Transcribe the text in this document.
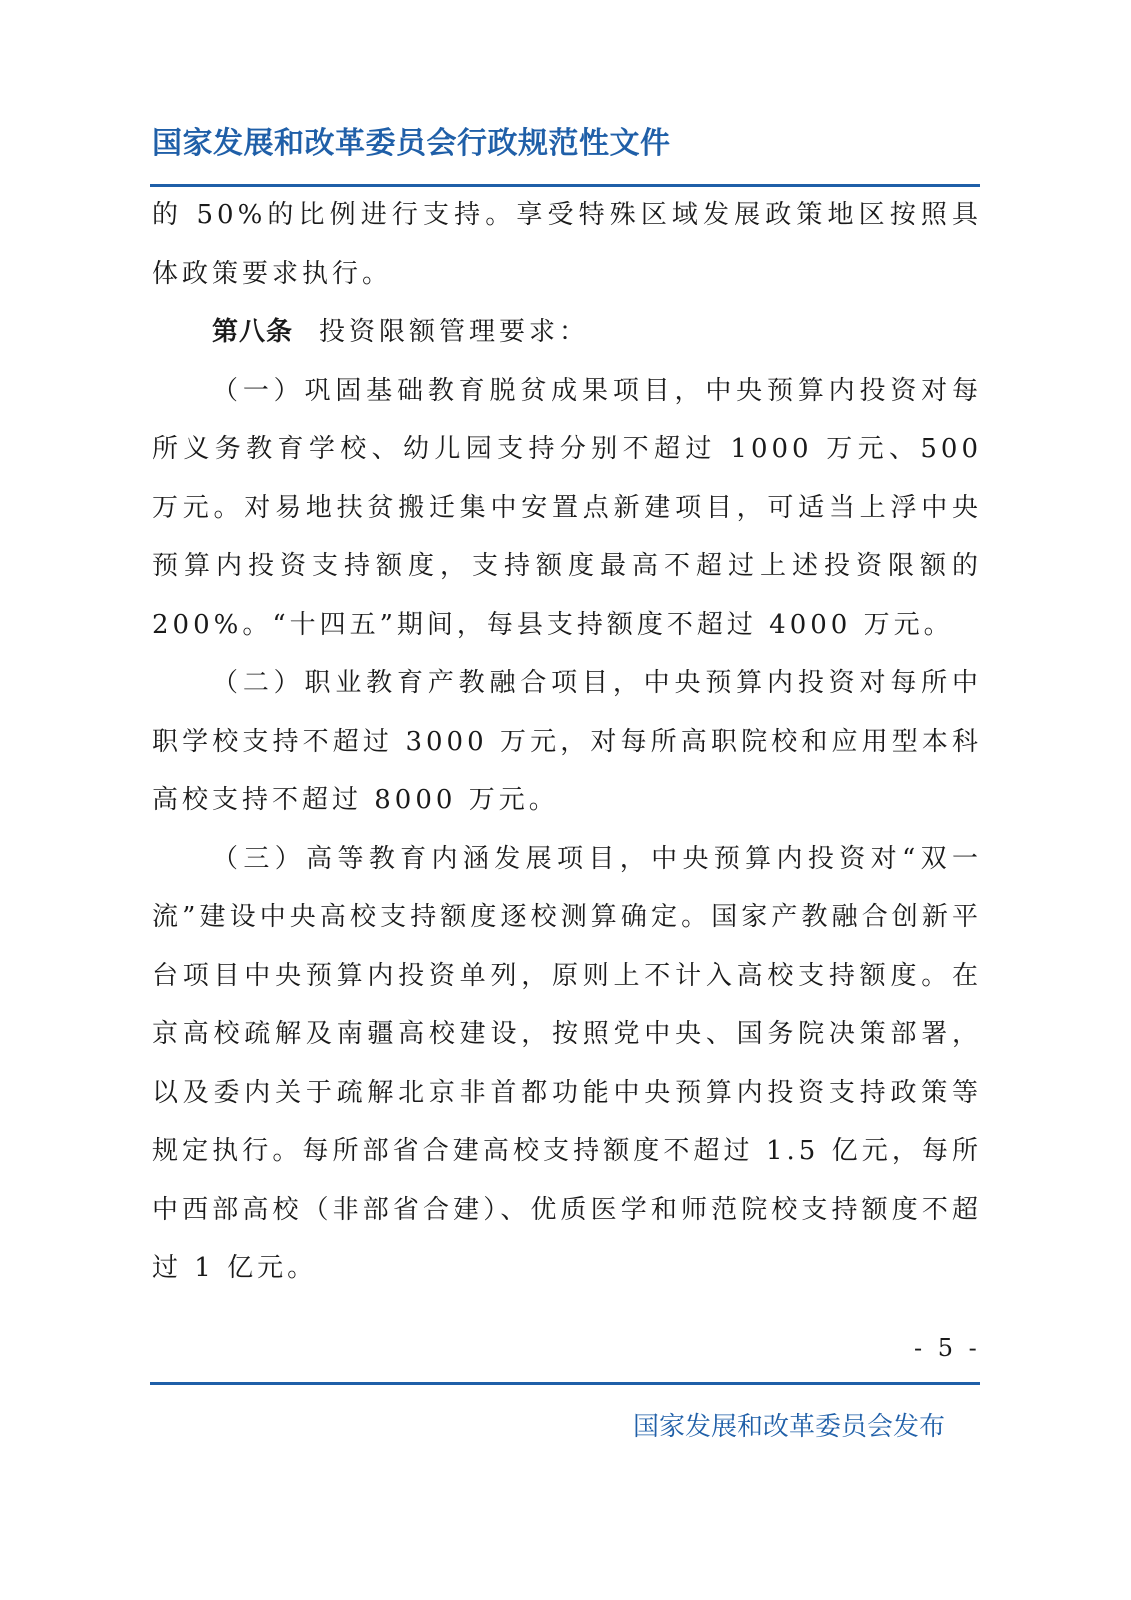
国家发展和改革委员会行政规范性文件

的 50%的比例进行支持。享受特殊区域发展政策地区按照具体政策要求执行。

第八条 投资限额管理要求：

（一）巩固基础教育脱贫成果项目，中央预算内投资对每所义务教育学校、幼儿园支持分别不超过 1000 万元、500 万元。对易地扶贫搬迁集中安置点新建项目，可适当上浮中央预算内投资支持额度，支持额度最高不超过上述投资限额的 200%。“十四五”期间，每县支持额度不超过 4000 万元。

（二）职业教育产教融合项目，中央预算内投资对每所中职学校支持不超过 3000 万元，对每所高职院校和应用型本科高校支持不超过 8000 万元。

（三）高等教育内涵发展项目，中央预算内投资对“双一流”建设中央高校支持额度逐校测算确定。国家产教融合创新平台项目中央预算内投资单列，原则上不计入高校支持额度。在京高校疏解及南疆高校建设，按照党中央、国务院决策部署，以及委内关于疏解北京非首都功能中央预算内投资支持政策等规定执行。每所部省合建高校支持额度不超过 1.5 亿元，每所中西部高校（非部省合建）、优质医学和师范院校支持额度不超过 1 亿元。

- 5 -
国家发展和改革委员会发布
